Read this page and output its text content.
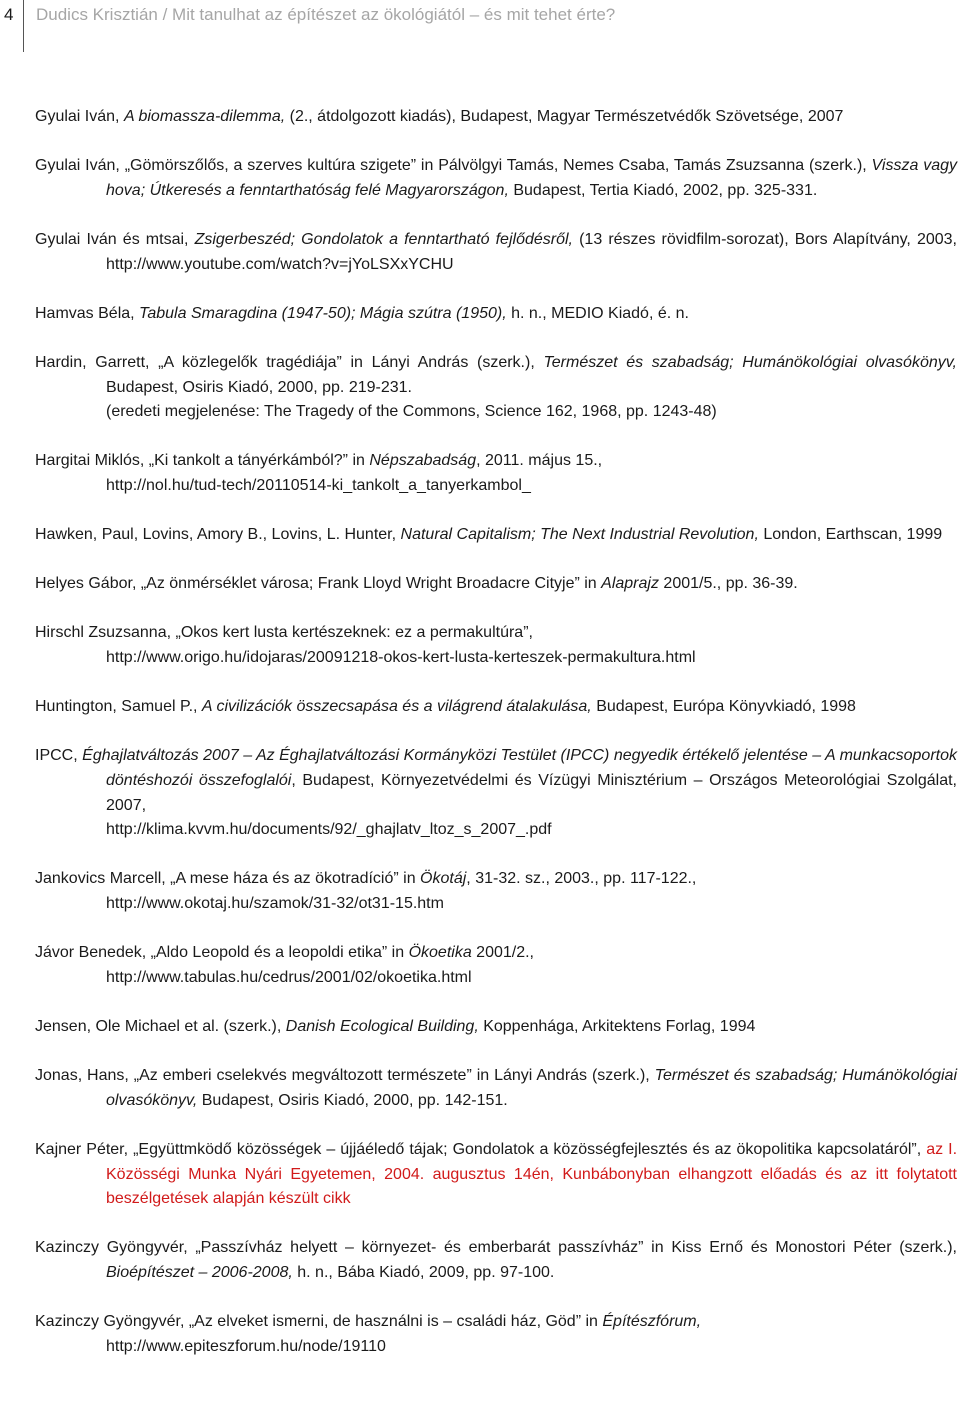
4 Dudics Krisztián / Mit tanulhat az építészet az ökológiától – és mit tehet érte?

Gyulai Iván, A biomassza-dilemma, (2., átdolgozott kiadás), Budapest, Magyar Természetvédők Szövetsége, 2007

Gyulai Iván, „Gömörszőlős, a szerves kultúra szigete” in Pálvölgyi Tamás, Nemes Csaba, Tamás Zsuzsanna (szerk.), Vissza vagy hova; Útkeresés a fenntarthatóság felé Magyarországon, Budapest, Tertia Kiadó, 2002, pp. 325-331.

Gyulai Iván és mtsai, Zsigerbeszéd; Gondolatok a fenntartható fejlődésről, (13 részes rövidfilm-sorozat), Bors Alapítvány, 2003, http://www.youtube.com/watch?v=jYoLSXxYCHU

Hamvas Béla, Tabula Smaragdina (1947-50); Mágia szútra (1950), h. n., MEDIO Kiadó, é. n.

Hardin, Garrett, „A közlegelők tragédiája” in Lányi András (szerk.), Természet és szabadság; Humánökológiai olvasókönyv, Budapest, Osiris Kiadó, 2000, pp. 219-231.
(eredeti megjelenése: The Tragedy of the Commons, Science 162, 1968, pp. 1243-48)

Hargitai Miklós, „Ki tankolt a tányérkámból?” in Népszabadság, 2011. május 15.,
http://nol.hu/tud-tech/20110514-ki_tankolt_a_tanyerkambol_

Hawken, Paul, Lovins, Amory B., Lovins, L. Hunter, Natural Capitalism; The Next Industrial Revolution, London, Earthscan, 1999

Helyes Gábor, „Az önmérséklet városa; Frank Lloyd Wright Broadacre Cityje” in Alaprajz 2001/5., pp. 36-39.

Hirschl Zsuzsanna, „Okos kert lusta kertészeknek: ez a permakultúra”,
http://www.origo.hu/idojaras/20091218-okos-kert-lusta-kerteszek-permakultura.html

Huntington, Samuel P., A civilizációk összecsapása és a világrend átalakulása, Budapest, Európa Könyvkiadó, 1998

IPCC, Éghajlatváltozás 2007 – Az Éghajlatváltozási Kormányközi Testület (IPCC) negyedik értékelő jelentése – A munkacsoportok döntéshozói összefoglalói, Budapest, Környezetvédelmi és Vízügyi Minisztérium – Országos Meteorológiai Szolgálat, 2007,
http://klima.kvvm.hu/documents/92/_ghajlatv_ltoz_s_2007_.pdf

Jankovics Marcell, „A mese háza és az ökotradíció” in Ökotáj, 31-32. sz., 2003., pp. 117-122.,
http://www.okotaj.hu/szamok/31-32/ot31-15.htm

Jávor Benedek, „Aldo Leopold és a leopoldi etika” in Ökoetika 2001/2.,
http://www.tabulas.hu/cedrus/2001/02/okoetika.html

Jensen, Ole Michael et al. (szerk.), Danish Ecological Building, Koppenhága, Arkitektens Forlag, 1994

Jonas, Hans, „Az emberi cselekvés megváltozott természete” in Lányi András (szerk.), Természet és szabadság; Humánökológiai olvasókönyv, Budapest, Osiris Kiadó, 2000, pp. 142-151.

Kajner Péter, „Együttmködő közösségek – újjáéledő tájak; Gondolatok a közösségfejlesztés és az ökopolitika kapcsolatáról”, az I. Közösségi Munka Nyári Egyetemen, 2004. augusztus 14én, Kunbábonyban elhangzott előadás és az itt folytatott beszélgetések alapján készült cikk

Kazinczy Gyöngyvér, „Passzívház helyett – környezet- és emberbarát passzívház” in Kiss Ernő és Monostori Péter (szerk.), Bioépítészet – 2006-2008, h. n., Bába Kiadó, 2009, pp. 97-100.

Kazinczy Gyöngyvér, „Az elveket ismerni, de használni is – családi ház, Göd” in Építészfórum,
http://www.epiteszforum.hu/node/19110
